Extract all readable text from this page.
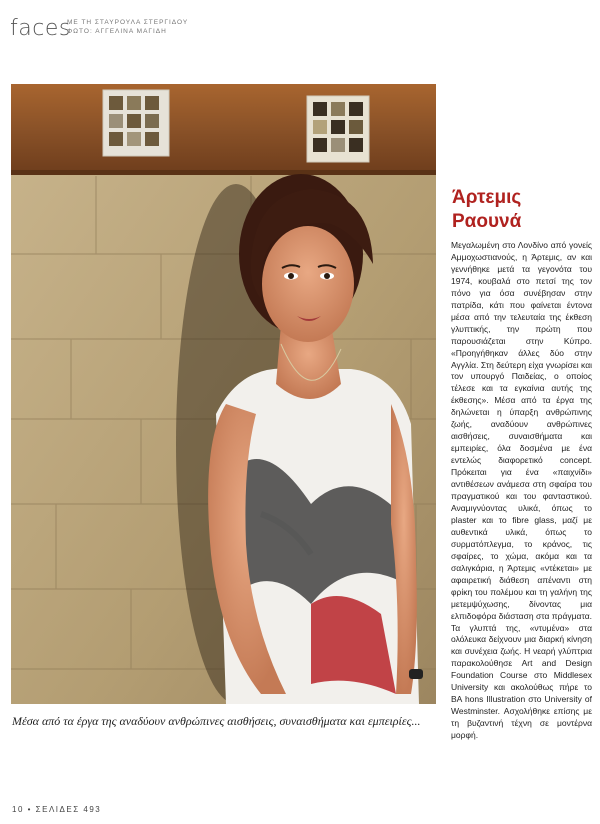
faces
ΜΕ ΤΗ ΣΤΑΥΡΟΥΛΑ ΣΤΕΡΓΙΔΟΥ
ΦΩΤΟ: ΑΓΓΕΛΙΝΑ ΜΑΓΙΔΗ
Άρτεμις
Ραουνά
Μεγαλωμένη στο Λονδίνο από γονείς Αμμοχωστιανούς, η Άρτεμις, αν και γεννήθηκε μετά τα γεγονότα του 1974, κουβαλά στο πετσί της τον πόνο για όσα συνέβησαν στην πατρίδα, κάτι που φαίνεται έντονα μέσα από την τελευταία της έκθεση γλυπτικής, την πρώτη που παρουσιάζεται στην Κύπρο. «Προηγήθηκαν άλλες δύο στην Αγγλία. Στη δεύτερη είχα γνωρίσει και τον υπουργό Παιδείας, ο οποίος τέλεσε και τα εγκαίνια αυτής της έκθεσης». Μέσα από τα έργα της δηλώνεται η ύπαρξη ανθρώπινης ζωής, αναδύουν ανθρώπινες αισθήσεις, συναισθήματα και εμπειρίες, όλα δοσμένα με ένα εντελώς διαφορετικό concept. Πρόκειται για ένα «παιχνίδι» αντιθέσεων ανάμεσα στη σφαίρα του πραγματικού και του φανταστικού. Αναμιγνύοντας υλικά, όπως το plaster και το fibre glass, μαζί με αυθεντικά υλικά, όπως το συρματόπλεγμα, το κράνος, τις σφαίρες, το χώμα, ακόμα και τα σαλιγκάρια, η Άρτεμις «ντέκεται» με αφαιρετική διάθεση απέναντι στη φρίκη του πολέμου και τη γαλήνη της μετεμψύχωσης, δίνοντας μια ελπιδοφόρα διάσταση στα πράγματα. Τα γλυπτά της, «ντυμένα» στα ολόλευκα δείχνουν μια διαρκή κίνηση και συνέχεια ζωής. Η νεαρή γλύπτρια παρακολούθησε Art and Design Foundation Course στο Middlesex University και ακολούθως πήρε το BA hons Illustration στο University of Westminster. Ασχολήθηκε επίσης με τη βυζαντινή τέχνη σε μοντέρνα μορφή.
Μέσα από τα έργα της αναδύουν ανθρώπινες αισθήσεις, συναισθήματα και εμπειρίες...
10 • ΣΕΛΙΔΕΣ 493
